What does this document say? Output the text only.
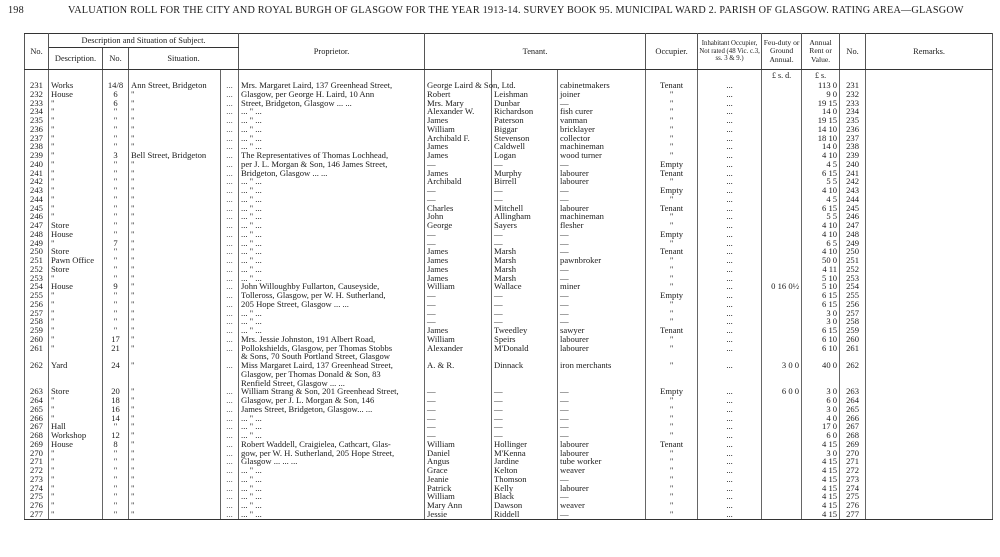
198	VALUATION ROLL FOR THE CITY AND ROYAL BURGH OF GLASGOW FOR THE YEAR 1913-14. SURVEY BOOK 95. MUNICIPAL WARD 2. PARISH OF GLASGOW. RATING AREA—GLASGOW
No.	Description and Situation of Subject.				Proprietor.	Tenant.			Occupier.	Inhabitant Occupier, Not rated (48 Vic. c.3, ss. 3 & 9.)	Feu-duty or Ground Annual.	Annual Rent or Value.	No.	Remarks.
	Description.	No.	Situation.											
											£ s. d.	£ s.		
231	Works	14/8	Ann Street, Bridgeton	...	Mrs. Margaret Laird, 137 Greenhead Street,	George Laird & Son, Ltd.		cabinetmakers	Tenant	...		113 0	231	
232	House	6	"	...	Glasgow, per George H. Laird, 10 Ann	Robert	Leishman	joiner	"	...		9 0	232	
233	"	6	"	...	Street, Bridgeton, Glasgow ... ...	Mrs. Mary	Dunbar	—	"	...		19 15	233	
234	"	"	"	...	... " ...	Alexander W.	Richardson	fish curer	"	...		14 0	234	
235	"	"	"	...	... " ...	James	Paterson	vanman	"	...		19 15	235	
236	"	"	"	...	... " ...	William	Biggar	bricklayer	"	...		14 10	236	
237	"	"	"	...	... " ...	Archibald F.	Stevenson	collector	"	...		18 10	237	
238	"	"	"	...	... " ...	James	Caldwell	machineman	"	...		14 0	238	
239	"	3	Bell Street, Bridgeton	...	The Representatives of Thomas Lochhead,	James	Logan	wood turner	"	...		4 10	239	
240	"	"	"	...	per J. L. Morgan & Son, 146 James Street,	—	—	—	Empty	...		4 5	240	
241	"	"	"	...	Bridgeton, Glasgow ... ...	James	Murphy	labourer	Tenant	...		6 15	241	
242	"	"	"	...	... " ...	Archibald	Birrell	labourer	"	...		5 5	242	
243	"	"	"	...	... " ...	—	—	—	Empty	...		4 10	243	
244	"	"	"	...	... " ...	—	—	—	"	...		4 5	244	
245	"	"	"	...	... " ...	Charles	Mitchell	labourer	Tenant	...		6 15	245	
246	"	"	"	...	... " ...	John	Allingham	machineman	"	...		5 5	246	
247	Store	"	"	...	... " ...	George	Sayers	flesher	"	...		4 10	247	
248	House	"	"	...	... " ...	—	—	—	Empty	...		4 10	248	
249	"	7	"	...	... " ...	—	—	—	"	...		6 5	249	
250	Store	"	"	...	... " ...	James	Marsh	—	Tenant	...		4 10	250	
251	Pawn Office	"	"	...	... " ...	James	Marsh	pawnbroker	"	...		50 0	251	
252	Store	"	"	...	... " ...	James	Marsh	—	"	...		4 11	252	
253	"	"	"	...	... " ...	James	Marsh	—	"	...		5 10	253	
254	House	9	"	...	John Willoughby Fullarton, Causeyside,	William	Wallace	miner	"	...	0 16 0½	5 10	254	
255	"	"	"	...	Tolleross, Glasgow, per W. H. Sutherland,	—	—	—	Empty	...		6 15	255	
256	"	"	"	...	205 Hope Street, Glasgow ... ...	—	—	—	"	...		6 15	256	
257	"	"	"	...	... " ...	—	—	—	"	...		3 0	257	
258	"	"	"	...	... " ...	—	—	—	"	...		3 0	258	
259	"	"	"	...	... " ...	James	Tweedley	sawyer	Tenant	...		6 15	259	
260	"	17	"	...	Mrs. Jessie Johnston, 191 Albert Road,	William	Speirs	labourer	"	...		6 10	260	
261	"	21	"	...	Pollokshields, Glasgow, per Thomas Stobbs	Alexander	M'Donald	labourer	"	...		6 10	261	
					& Sons, 70 South Portland Street, Glasgow									
262	Yard	24	"	...	Miss Margaret Laird, 137 Greenhead Street,	A. & R.	Dinnack	iron merchants	"	...	3 0 0	40 0	262	
					Glasgow, per Thomas Donald & Son, 83									
					Renfield Street, Glasgow ... ...									
263	Store	20	"	...	William Strang & Son, 201 Greenhead Street,	—	—	—	Empty	...	6 0 0	3 0	263	
264	"	18	"	...	Glasgow, per J. L. Morgan & Son, 146	—	—	—	"	...		6 0	264	
265	"	16	"	...	James Street, Bridgeton, Glasgow... ...	—	—	—	"	...		3 0	265	
266	"	14	"	...	... " ...	—	—	—	"	...		4 0	266	
267	Hall	"	"	...	... " ...	—	—	—	"	...		17 0	267	
268	Workshop	12	"	...	... " ...	—	—	—	"	...		6 0	268	
269	House	8	"	...	Robert Waddell, Craigielea, Cathcart, Glas-	William	Hollinger	labourer	Tenant	...		4 15	269	
270	"	"	"	...	gow, per W. H. Sutherland, 205 Hope Street,	Daniel	M'Kenna	labourer	"	...		3 0	270	
271	"	"	"	...	Glasgow ... ... ...	Angus	Jardine	tube worker	"	...		4 15	271	
272	"	"	"	...	... " ...	Grace	Kelton	weaver	"	...		4 15	272	
273	"	"	"	...	... " ...	Jeanie	Thomson	—	"	...		4 15	273	
274	"	"	"	...	... " ...	Patrick	Kelly	labourer	"	...		4 15	274	
275	"	"	"	...	... " ...	William	Black	—	"	...		4 15	275	
276	"	"	"	...	... " ...	Mary Ann	Dawson	weaver	"	...		4 15	276	
277	"	"	"	...	... " ...	Jessie	Riddell	—	"	...		4 15	277	
